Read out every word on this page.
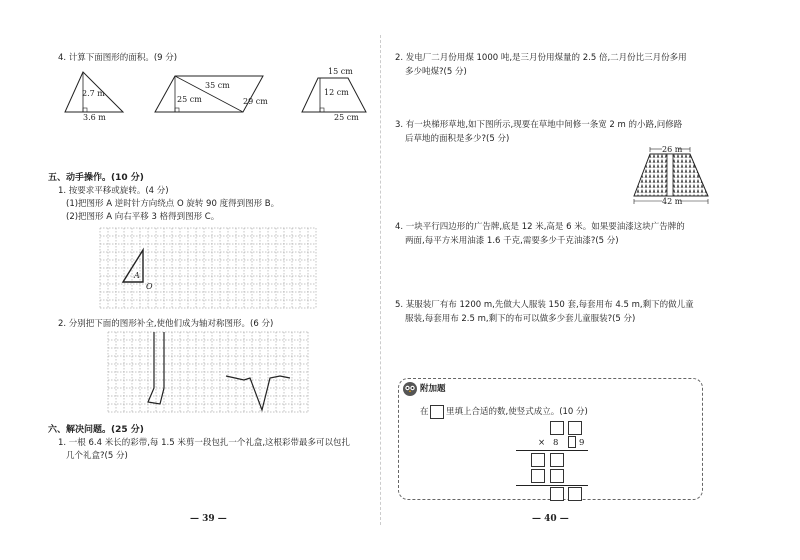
4. 计算下面图形的面积。(9 分)
2.7 m
3.6 m
35 cm
25 cm	29 cm
15 cm
12 cm
25 cm
五、动手操作。(10 分)
1. 按要求平移或旋转。(4 分)
(1)把图形 A 逆时针方向绕点 O 旋转 90 度得到图形 B。
(2)把图形 A 向右平移 3 格得到图形 C。
A
O
2. 分别把下面的图形补全,使他们成为轴对称图形。(6 分)
六、解决问题。(25 分)
1. 一根 6.4 米长的彩带,每 1.5 米剪一段包扎一个礼盒,这根彩带最多可以包扎
几个礼盒?(5 分)
— 39 —
2. 发电厂二月份用煤 1000 吨,是三月份用煤量的 2.5 倍,二月份比三月份多用
多少吨煤?(5 分)
3. 有一块梯形草地,如下图所示,现要在草地中间修一条宽 2 m 的小路,问修路
后草地的面积是多少?(5 分)
26 m
42 m
4. 一块平行四边形的广告牌,底是 12 米,高是 6 米。如果要油漆这块广告牌的
两面,每平方米用油漆 1.6 千克,需要多少千克油漆?(5 分)
5. 某服装厂有布 1200 m,先做大人服装 150 套,每套用布 4.5 m,剩下的做儿童
服装,每套用布 2.5 m,剩下的布可以做多少套儿童服装?(5 分)
附加题
在 里填上合适的数,使竖式成立。(10 分)
× 8 9
— 40 —
